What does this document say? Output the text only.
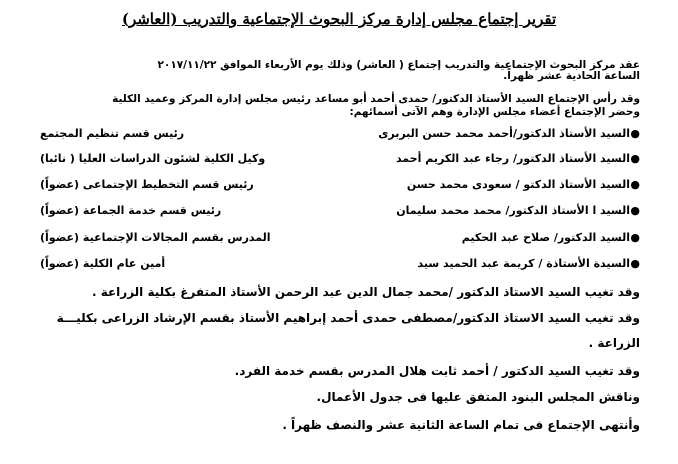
تقرير إجتماع مجلس إدارة مركز البحوث الإجتماعية والتدريب (العاشر)
عقد مركز البحوث الإجتماعية والتدريب إجتماع ( العاشر) وذلك يوم الأربعاء الموافق ٢٠١٧/١١/٢٢
الساعة الحادية عشر ظهراً.
وقد رأس الإجتماع السيد الأستاذ الدكتور/ حمدى أحمد أبو مساعد رئيس مجلس إدارة المركز وعميد الكلية
وحضر الإجتماع أعضاء مجلس الإدارة وهم الآتى أسمائهم:
●
السيد الأستاذ الدكتور/أحمد محمد حسن البربرى
رئيس قسم تنظيم المجتمع
●
السيد الأستاذ الدكتور/ رجاء عبد الكريم أحمد
وكيل الكلية لشئون الدراسات العليا ( نائبا)
●
السيد الأستاذ الدكتو / سعودى محمد حسن
رئيس قسم التخطيط الإجتماعى (عضواً)
●
السيد ا الأستاذ الدكتور/ محمد محمد سليمان
رئيس قسم خدمة الجماعة (عضواً)
●
السيد الدكتور/ صلاح عبد الحكيم
المدرس بقسم المجالات الإجتماعية (عضواً)
●
السيدة الأستاذة / كريمة عبد الحميد سيد
أمين عام الكلية (عضواً)
وقد تغيب السيد الاستاذ الدكتور /محمد جمال الدين عبد الرحمن الأستاذ المتفرغ بكلية الزراعة .
وقد تغيب السيد الاستاذ الدكتور/مصطفى حمدى أحمد إبراهيم الأستاذ بقسم الإرشاد الزراعى بكليـــة
الزراعة .
وقد تغيب السيد الدكتور / أحمد ثابت هلال المدرس بقسم خدمة الفرد.
وناقش المجلس البنود المتفق عليها فى جدول الأعمال.
وأنتهى الإجتماع فى تمام الساعة الثانية عشر والنصف ظهراً .
